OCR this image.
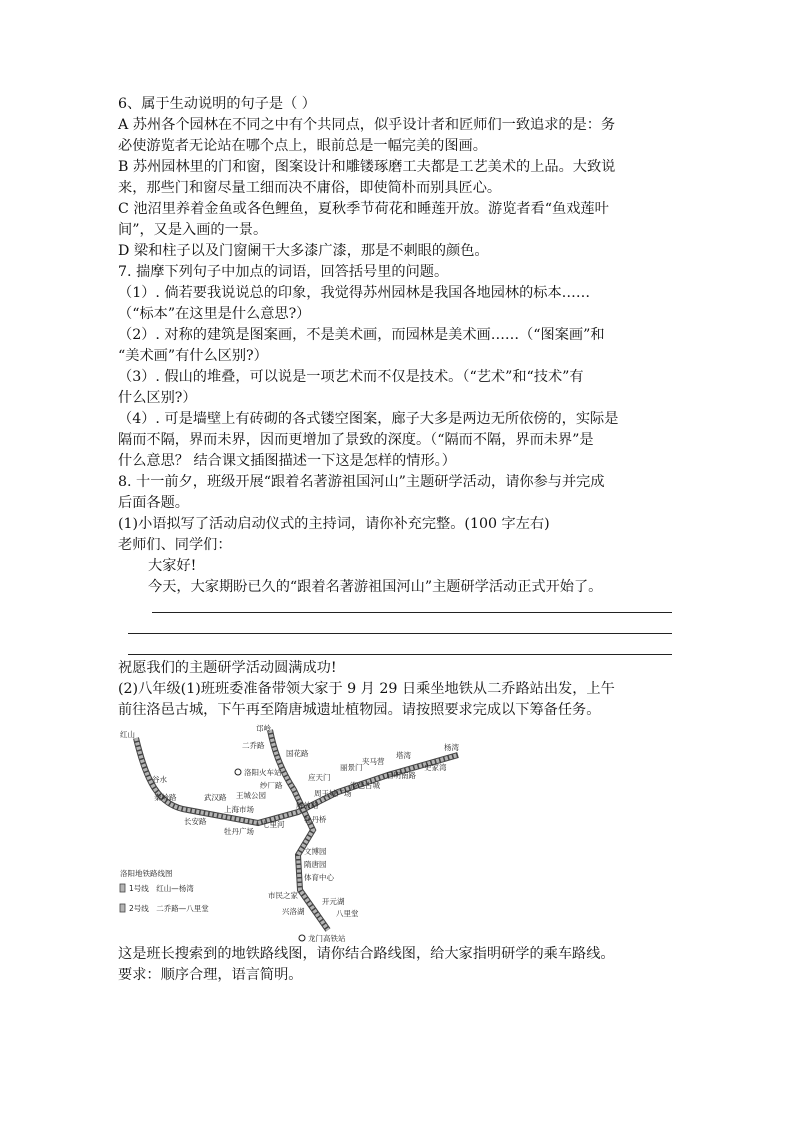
6、属于生动说明的句子是（ ）
A 苏州各个园林在不同之中有个共同点，似乎设计者和匠师们一致追求的是：务
必使游览者无论站在哪个点上，眼前总是一幅完美的图画。
B 苏州园林里的门和窗，图案设计和雕镂琢磨工夫都是工艺美术的上品。大致说
来，那些门和窗尽量工细而决不庸俗，即使简朴而别具匠心。
C 池沼里养着金鱼或各色鲤鱼，夏秋季节荷花和睡莲开放。游览者看“鱼戏莲叶
间”，又是入画的一景。
D 梁和柱子以及门窗阑干大多漆广漆，那是不刺眼的颜色。
7. 揣摩下列句子中加点的词语，回答括号里的问题。
（1）. 倘若要我说说总的印象，我觉得苏州园林是我国各地园林的标本……
（“标本”在这里是什么意思?）
（2）. 对称的建筑是图案画，不是美术画，而园林是美术画……（“图案画”和
“美术画”有什么区别?）
（3）. 假山的堆叠，可以说是一项艺术而不仅是技术。（“艺术”和“技术”有
什么区别?）
（4）. 可是墙壁上有砖砌的各式镂空图案，廊子大多是两边无所依傍的，实际是
隔而不隔，界而未界，因而更增加了景致的深度。（“隔而不隔，界而未界”是
什么意思？ 结合课文插图描述一下这是怎样的情形。）
8. 十一前夕，班级开展“跟着名著游祖国河山”主题研学活动，请你参与并完成
后面各题。
(1)小语拟写了活动启动仪式的主持词，请你补充完整。(100 字左右)
老师们、同学们：
大家好!
今天，大家期盼已久的“跟着名著游祖国河山”主题研学活动正式开始了。
祝愿我们的主题研学活动圆满成功!
(2)八年级(1)班班委准备带领大家于 9 月 29 日乘坐地铁从二乔路站出发，上午
前往洛邑古城，下午再至隋唐城遗址植物园。请按照要求完成以下筹备任务。
红山
谷水
秦岭路	武汉路
长安路
上海市场
王城公园
七里河
牡丹广场
纱厂路
洛阳火车站
二乔路
邙岭
国花路
应天门
丽景门
夹马营
塔湾
杨湾
史家湾
启明南路
洛邑古城
周王城广场
解放路
牡丹桥
文博园
隋唐园
体育中心
市民之家
开元湖
兴洛湖	八里堂
龙门高铁站
洛阳地铁路线图
1号线　红山—杨湾
2号线　二乔路—八里堂
这是班长搜索到的地铁路线图，请你结合路线图，给大家指明研学的乘车路线。
要求：顺序合理，语言简明。
